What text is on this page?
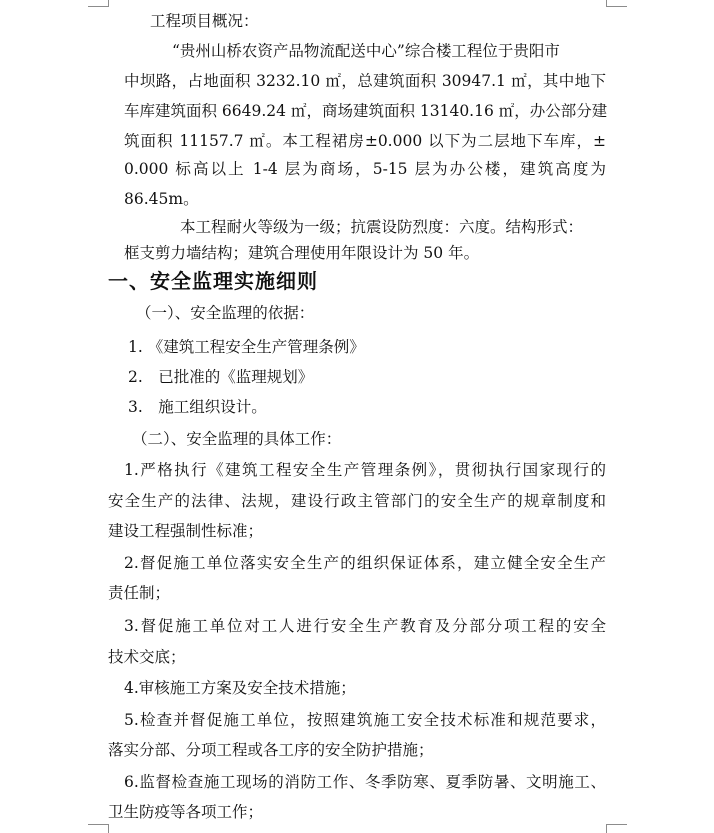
工程项目概况：
“贵州山桥农资产品物流配送中心”综合楼工程位于贵阳市
中坝路，占地面积 3232.10 ㎡，总建筑面积 30947.1 ㎡，其中地下
车库建筑面积 6649.24 ㎡，商场建筑面积 13140.16 ㎡，办公部分建
筑面积 11157.7 ㎡。本工程裙房±0.000 以下为二层地下车库，±
0.000 标高以上 1-4 层为商场，5-15 层为办公楼，建筑高度为
86.45m。
本工程耐火等级为一级；抗震设防烈度：六度。结构形式：
框支剪力墙结构；建筑合理使用年限设计为 50 年。
一、安全监理实施细则
（一）、安全监理的依据：
1. 《建筑工程安全生产管理条例》
2.　已批准的《监理规划》
3.　施工组织设计。
（二）、安全监理的具体工作：
1.严格执行《建筑工程安全生产管理条例》，贯彻执行国家现行的
安全生产的法律、法规，建设行政主管部门的安全生产的规章制度和
建设工程强制性标准；
2.督促施工单位落实安全生产的组织保证体系，建立健全安全生产
责任制；
3.督促施工单位对工人进行安全生产教育及分部分项工程的安全
技术交底；
4.审核施工方案及安全技术措施；
5.检查并督促施工单位，按照建筑施工安全技术标准和规范要求，
落实分部、分项工程或各工序的安全防护措施；
6.监督检查施工现场的消防工作、冬季防寒、夏季防暑、文明施工、
卫生防疫等各项工作；
